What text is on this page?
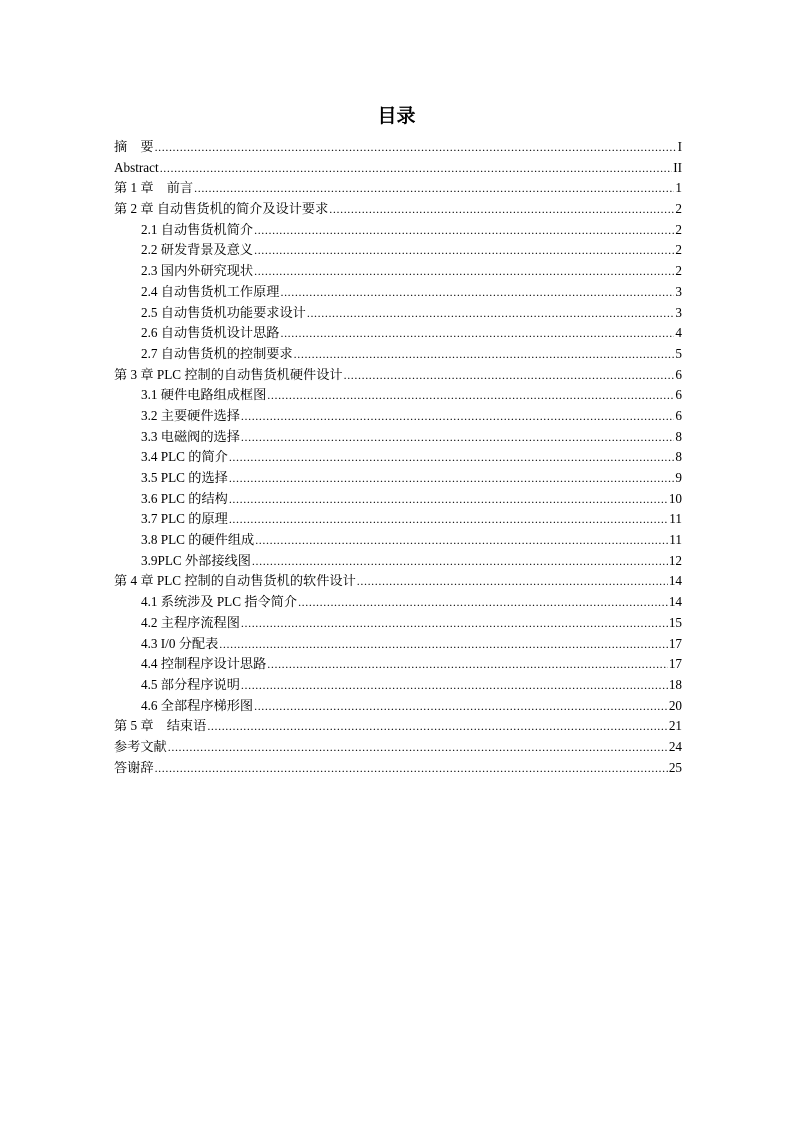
目录
摘　要 .....	I
Abstract .....	II
第 1 章　前言 .....	1
第 2 章 自动售货机的简介及设计要求 .....	2
2.1 自动售货机简介 .....	2
2.2 研发背景及意义 .....	2
2.3 国内外研究现状 .....	2
2.4 自动售货机工作原理 .....	3
2.5 自动售货机功能要求设计 .....	3
2.6 自动售货机设计思路 .....	4
2.7 自动售货机的控制要求 .....	5
第 3 章 PLC 控制的自动售货机硬件设计 .....	6
3.1 硬件电路组成框图 .....	6
3.2 主要硬件选择 .....	6
3.3 电磁阀的选择 .....	8
3.4 PLC 的简介 .....	8
3.5 PLC 的选择 .....	9
3.6 PLC 的结构 .....	10
3.7 PLC 的原理 .....	11
3.8 PLC 的硬件组成 .....	11
3.9PLC 外部接线图 .....	12
第 4 章 PLC 控制的自动售货机的软件设计 .....	14
4.1 系统涉及 PLC 指令简介 .....	14
4.2 主程序流程图 .....	15
4.3 I/0 分配表 .....	17
4.4 控制程序设计思路 .....	17
4.5 部分程序说明 .....	18
4.6 全部程序梯形图 .....	20
第 5 章　结束语 .....	21
参考文献 .....	24
答谢辞 .....	25
